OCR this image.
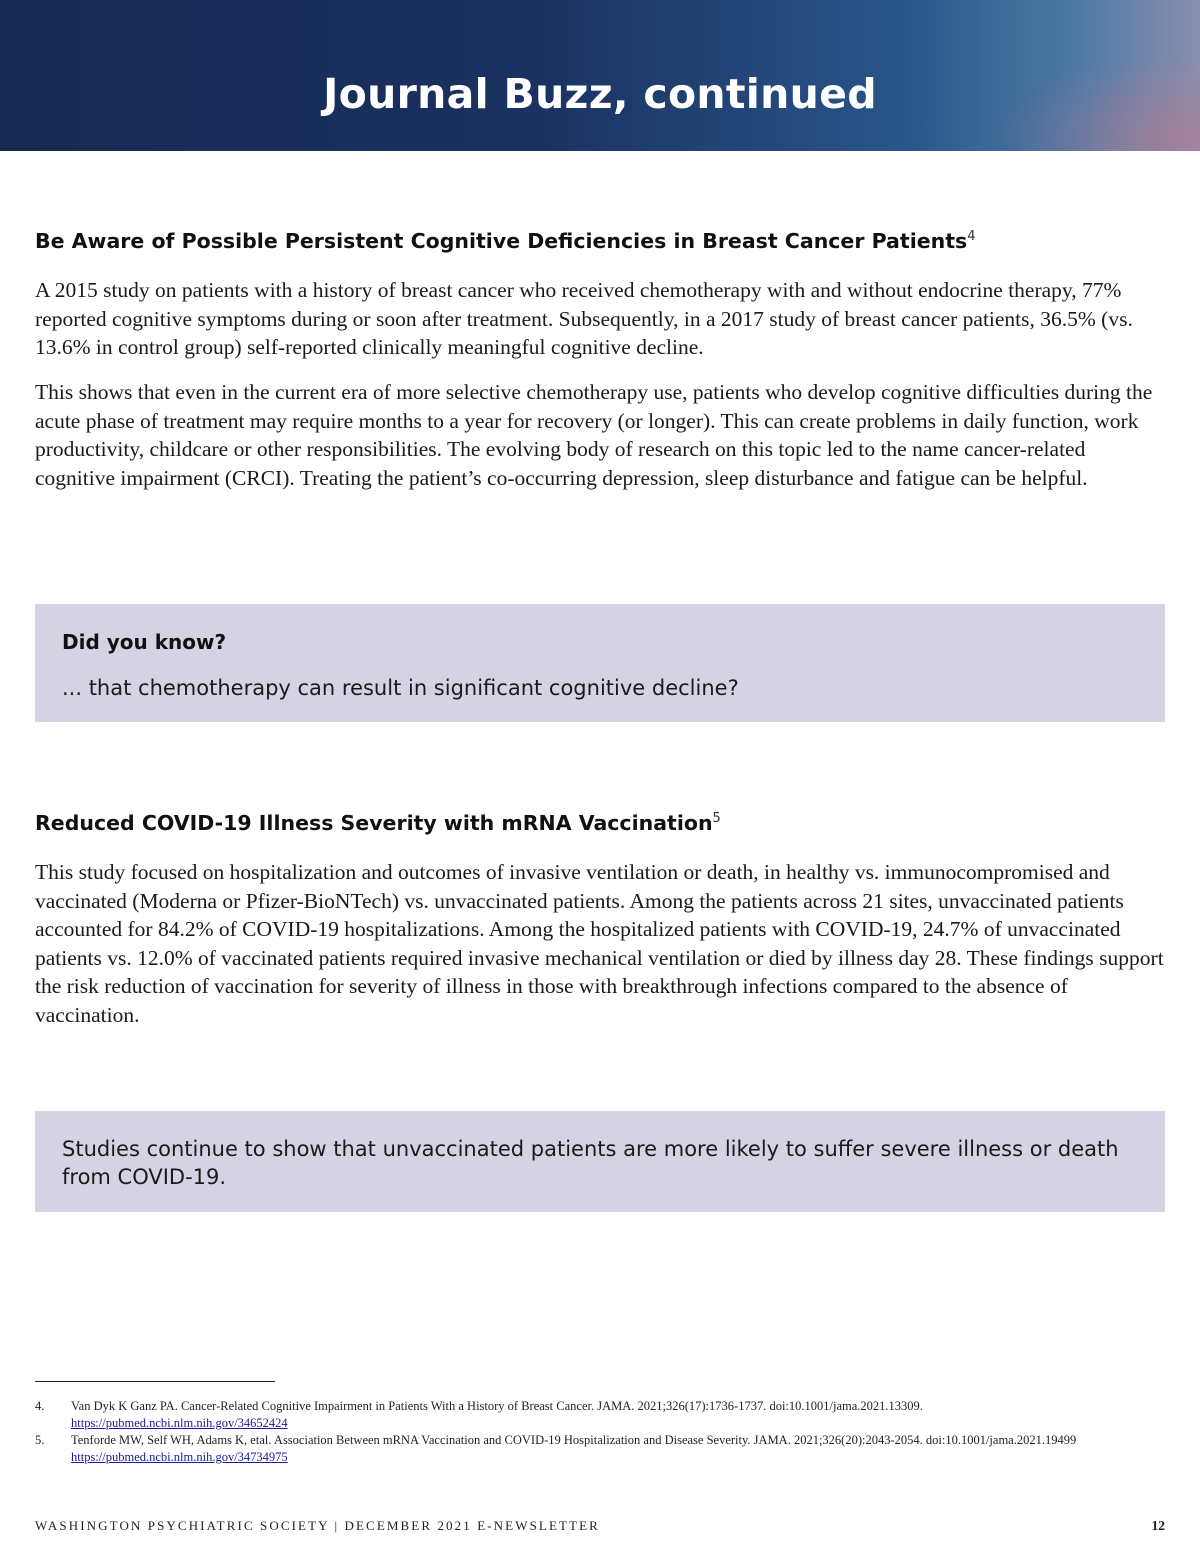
Journal Buzz, continued
Be Aware of Possible Persistent Cognitive Deficiencies in Breast Cancer Patients$^4$

A 2015 study on patients with a history of breast cancer who received chemotherapy with and without endocrine therapy, 77% reported cognitive symptoms during or soon after treatment. Subsequently, in a 2017 study of breast cancer patients, 36.5% (vs. 13.6% in control group) self-reported clinically meaningful cognitive decline.

This shows that even in the current era of more selective chemotherapy use, patients who develop cognitive difficulties during the acute phase of treatment may require months to a year for recovery (or longer). This can create problems in daily function, work productivity, childcare or other responsibilities. The evolving body of research on this topic led to the name cancer-related cognitive impairment (CRCI). Treating the patient’s co-occurring depression, sleep disturbance and fatigue can be helpful.

Did you know?
... that chemotherapy can result in significant cognitive decline?
Reduced COVID-19 Illness Severity with mRNA Vaccination$^5$

This study focused on hospitalization and outcomes of invasive ventilation or death, in healthy vs. immunocompromised and vaccinated (Moderna or Pfizer-BioNTech) vs. unvaccinated patients. Among the patients across 21 sites, unvaccinated patients accounted for 84.2% of COVID-19 hospitalizations. Among the hospitalized patients with COVID-19, 24.7% of unvaccinated patients vs. 12.0% of vaccinated patients required invasive mechanical ventilation or died by illness day 28. These findings support the risk reduction of vaccination for severity of illness in those with breakthrough infections compared to the absence of vaccination.

Studies continue to show that unvaccinated patients are more likely to suffer severe illness or death from COVID-19.
4. Van Dyk K Ganz PA. Cancer-Related Cognitive Impairment in Patients With a History of Breast Cancer. JAMA. 2021;326(17):1736-1737. doi:10.1001/jama.2021.13309.
https://pubmed.ncbi.nlm.nih.gov/34652424
5. Tenforde MW, Self WH, Adams K, etal. Association Between mRNA Vaccination and COVID-19 Hospitalization and Disease Severity. JAMA. 2021;326(20):2043-2054. doi:10.1001/jama.2021.19499
https://pubmed.ncbi.nlm.nih.gov/34734975
WASHINGTON PSYCHIATRIC SOCIETY | DECEMBER 2021 E-NEWSLETTER	12
